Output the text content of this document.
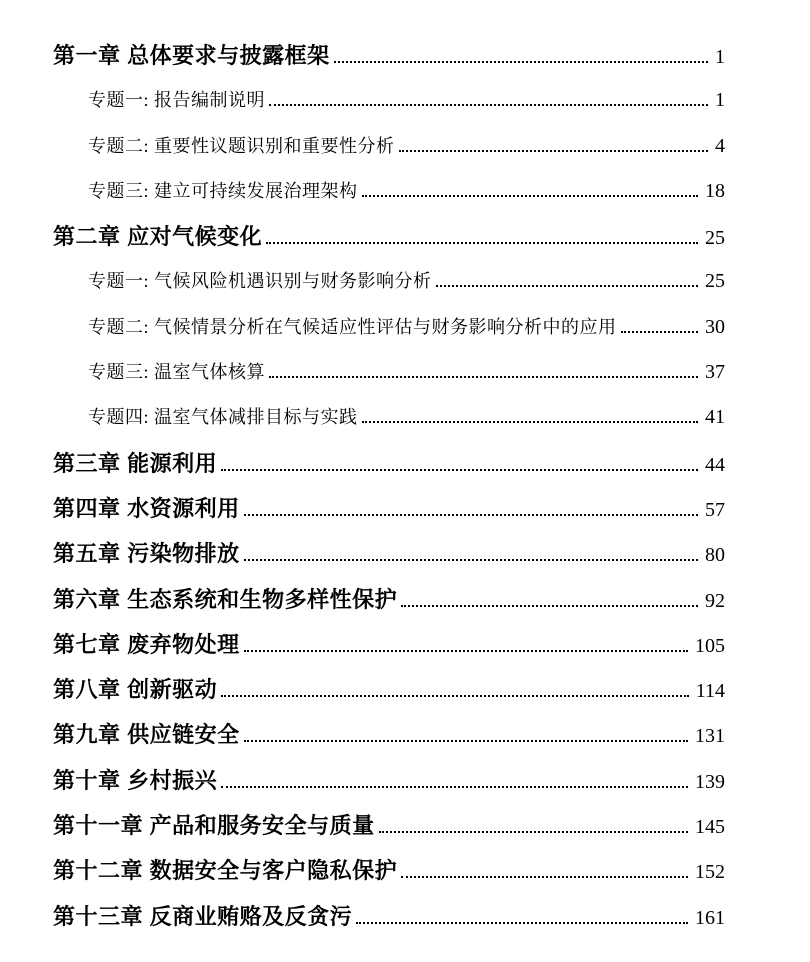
第一章 总体要求与披露框架	1
专题一: 报告编制说明	1
专题二: 重要性议题识别和重要性分析	4
专题三: 建立可持续发展治理架构	18
第二章 应对气候变化	25
专题一: 气候风险机遇识别与财务影响分析	25
专题二: 气候情景分析在气候适应性评估与财务影响分析中的应用	30
专题三: 温室气体核算	37
专题四: 温室气体减排目标与实践	41
第三章 能源利用	44
第四章 水资源利用	57
第五章 污染物排放	80
第六章 生态系统和生物多样性保护	92
第七章 废弃物处理	105
第八章 创新驱动	114
第九章 供应链安全	131
第十章 乡村振兴	139
第十一章 产品和服务安全与质量	145
第十二章 数据安全与客户隐私保护	152
第十三章 反商业贿赂及反贪污	161
